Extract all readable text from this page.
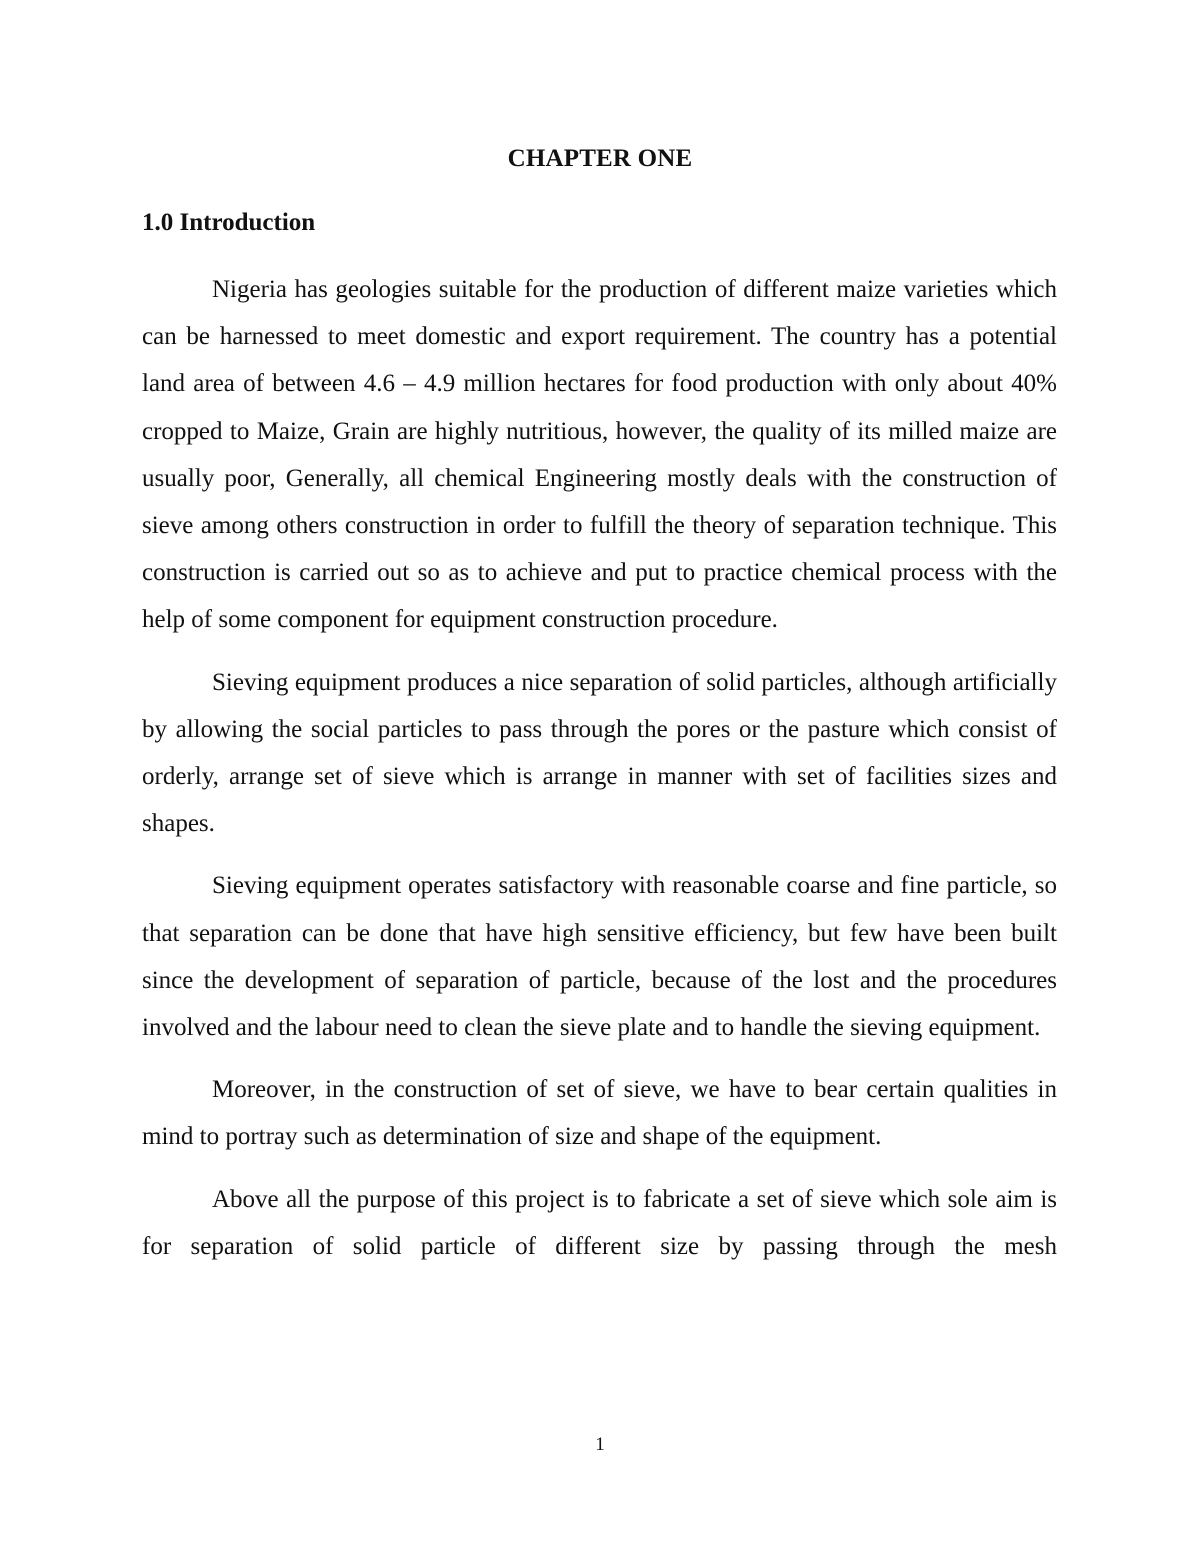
CHAPTER ONE
1.0 Introduction

Nigeria has geologies suitable for the production of different maize varieties which can be harnessed to meet domestic and export requirement. The country has a potential land area of between 4.6 – 4.9 million hectares for food production with only about 40% cropped to Maize, Grain are highly nutritious, however, the quality of its milled maize are usually poor, Generally, all chemical Engineering mostly deals with the construction of sieve among others construction in order to fulfill the theory of separation technique. This construction is carried out so as to achieve and put to practice chemical process with the help of some component for equipment construction procedure.

Sieving equipment produces a nice separation of solid particles, although artificially by allowing the social particles to pass through the pores or the pasture which consist of orderly, arrange set of sieve which is arrange in manner with set of facilities sizes and shapes.

Sieving equipment operates satisfactory with reasonable coarse and fine particle, so that separation can be done that have high sensitive efficiency, but few have been built since the development of separation of particle, because of the lost and the procedures involved and the labour need to clean the sieve plate and to handle the sieving equipment.

Moreover, in the construction of set of sieve, we have to bear certain qualities in mind to portray such as determination of size and shape of the equipment.

Above all the purpose of this project is to fabricate a set of sieve which sole aim is for separation of solid particle of different size by passing through the mesh

1
